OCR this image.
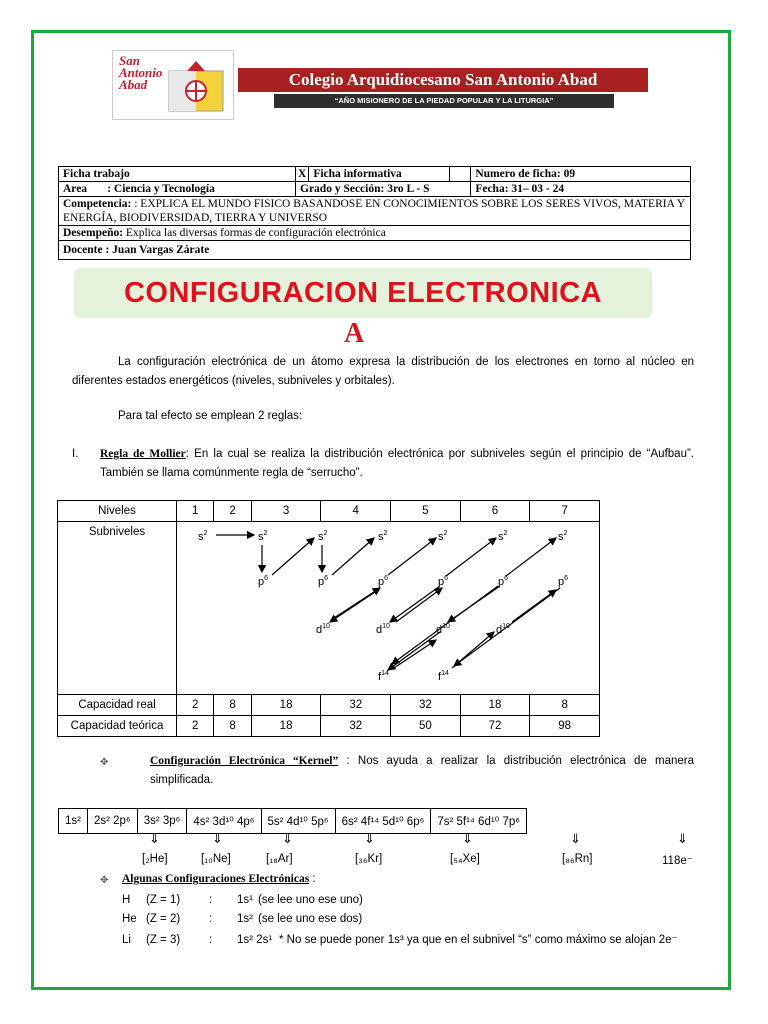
San
Antonio
Abad	Colegio Arquidiocesano San Antonio Abad
“AÑO MISIONERO DE LA PIEDAD POPULAR Y LA LITURGIA”
Ficha trabajo	X	Ficha informativa		Numero de ficha: 09
Area : Ciencia y Tecnología	Grado y Sección: 3ro L - S			Fecha: 31– 03 - 24
Competencia: : EXPLICA EL MUNDO FISICO BASANDOSE EN CONOCIMIENTOS SOBRE LOS SERES VIVOS, MATERIA Y ENERGÍA, BIODIVERSIDAD, TIERRA Y UNIVERSO				
Desempeño: Explica las diversas formas de configuración electrónica				
Docente : Juan Vargas Zárate				
CONFIGURACION ELECTRONICA
A
La configuración electrónica de un átomo expresa la distribución de los electrones en torno al núcleo en diferentes estados energéticos (niveles, subniveles y orbitales).
Para tal efecto se emplean 2 reglas:
I. Regla de Mollier: En la cual se realiza la distribución electrónica por subniveles según el principio de “Aufbau”. También se llama comúnmente regla de “serrucho”.
Niveles	1	2	3	4	5	6	7
Subniveles							
Capacidad real	2	8	18	32	32	18	8
Capacidad teórica	2	8	18	32	50	72	98
$s^2$	$s^2$	$s^2$	$s^2$	$s^2$	$s^2$	$s^2$
$p^6$	$p^6$	$p^6$	$p^6$	$p^6$	$p^6$
$d^{10}$	$d^{10}$	$d^{10}$	$d^{10}$
$f^{14}$	$f^{14}$
✥	Configuración Electrónica “Kernel” : Nos ayuda a realizar la distribución electrónica de manera simplificada.
1s²	2s² 2p⁶	3s² 3p⁶	4s² 3d¹⁰ 4p⁶	5s² 4d¹⁰ 5p⁶	6s² 4f¹⁴ 5d¹⁰ 6p⁶	7s² 5f¹⁴ 6d¹⁰ 7p⁶
⇓	⇓	⇓	⇓	⇓	⇓	⇓
[₂He]	[₁₀Ne]	[₁₈Ar]	[₃₆Kr]	[₅₄Xe]	[₈₆Rn]	118e⁻
✥ Algunas Configuraciones Electrónicas :
H (Z = 1)	: 1s¹ (se lee uno ese uno)
He (Z = 2)	: 1s² (se lee uno ese dos)
Li (Z = 3)	: 1s² 2s¹ * No se puede poner 1s³ ya que en el subnivel “s” como máximo se alojan 2e⁻
